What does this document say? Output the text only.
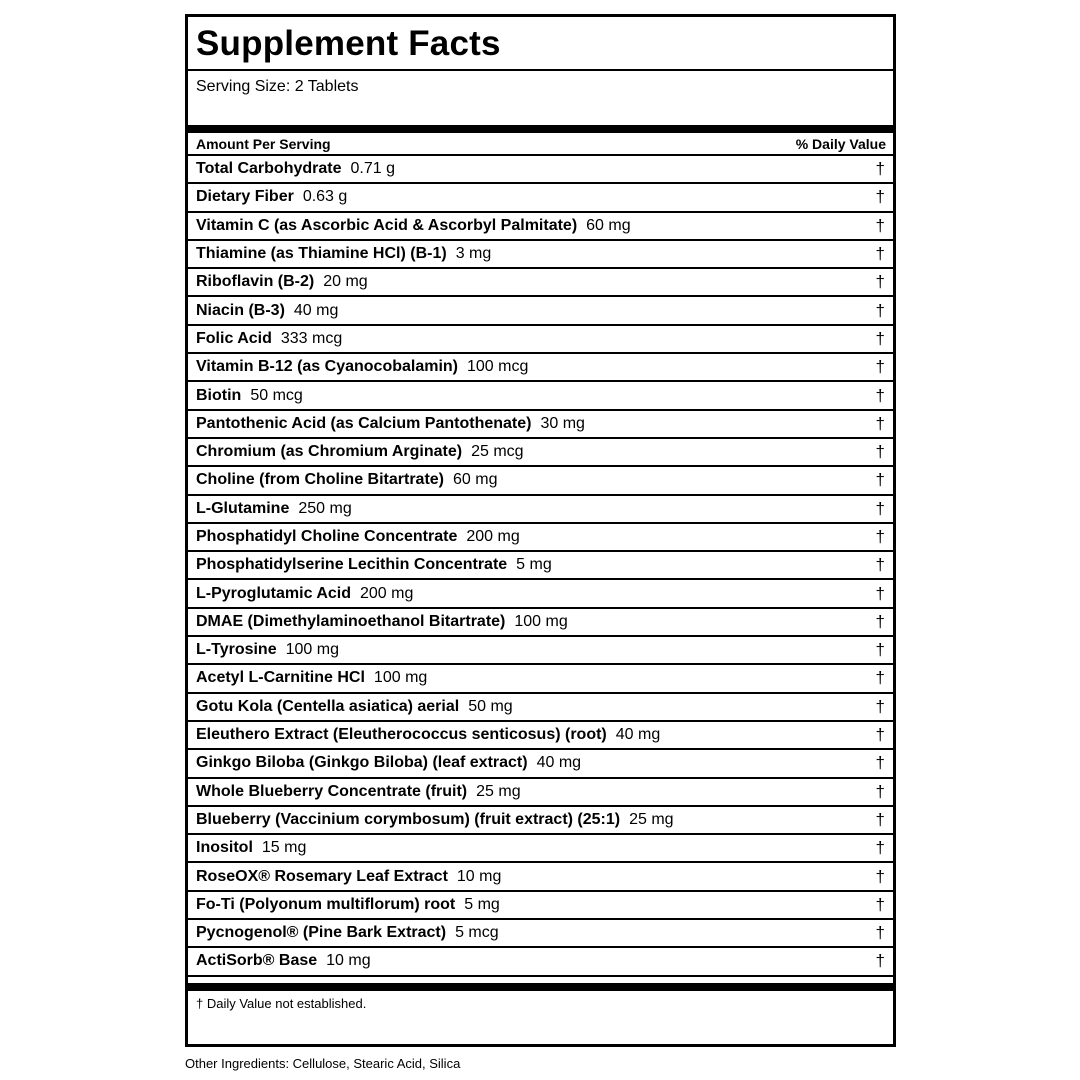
Supplement Facts
Serving Size: 2 Tablets
Amount Per Serving	% Daily Value
Total Carbohydrate 0.71 g	†
Dietary Fiber 0.63 g	†
Vitamin C (as Ascorbic Acid & Ascorbyl Palmitate) 60 mg	†
Thiamine (as Thiamine HCl) (B-1) 3 mg	†
Riboflavin (B-2) 20 mg	†
Niacin (B-3) 40 mg	†
Folic Acid 333 mcg	†
Vitamin B-12 (as Cyanocobalamin) 100 mcg	†
Biotin 50 mcg	†
Pantothenic Acid (as Calcium Pantothenate) 30 mg	†
Chromium (as Chromium Arginate) 25 mcg	†
Choline (from Choline Bitartrate) 60 mg	†
L-Glutamine 250 mg	†
Phosphatidyl Choline Concentrate 200 mg	†
Phosphatidylserine Lecithin Concentrate 5 mg	†
L-Pyroglutamic Acid 200 mg	†
DMAE (Dimethylaminoethanol Bitartrate) 100 mg	†
L-Tyrosine 100 mg	†
Acetyl L-Carnitine HCl 100 mg	†
Gotu Kola (Centella asiatica) aerial 50 mg	†
Eleuthero Extract (Eleutherococcus senticosus) (root) 40 mg	†
Ginkgo Biloba (Ginkgo Biloba) (leaf extract) 40 mg	†
Whole Blueberry Concentrate (fruit) 25 mg	†
Blueberry (Vaccinium corymbosum) (fruit extract) (25:1) 25 mg	†
Inositol 15 mg	†
RoseOX® Rosemary Leaf Extract 10 mg	†
Fo-Ti (Polyonum multiflorum) root 5 mg	†
Pycnogenol® (Pine Bark Extract) 5 mcg	†
ActiSorb® Base 10 mg	†
† Daily Value not established.
Other Ingredients: Cellulose, Stearic Acid, Silica
